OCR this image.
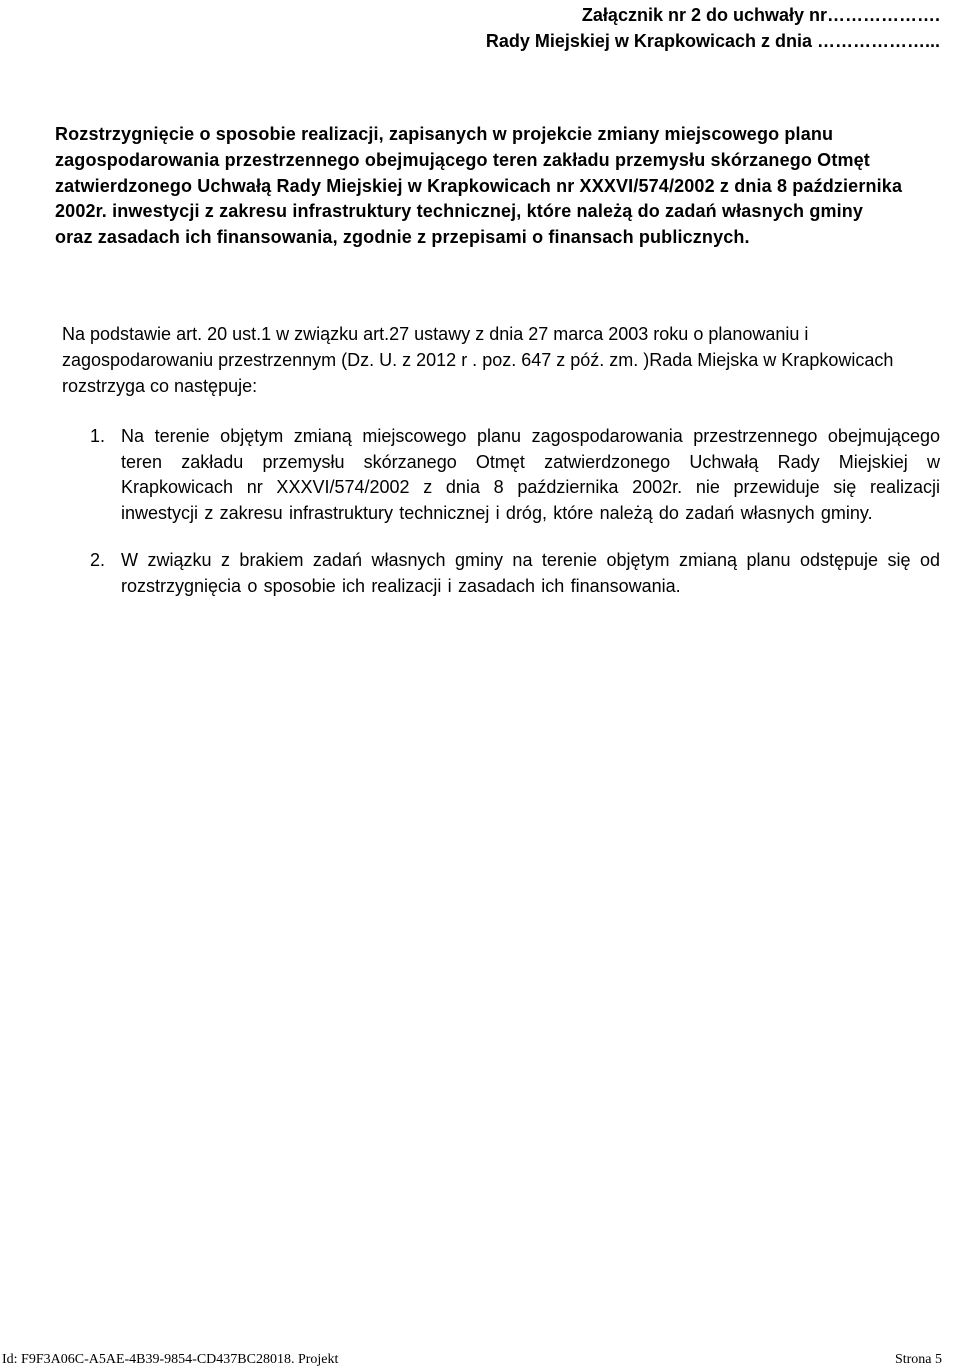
Załącznik nr 2 do uchwały nr……………….
Rady Miejskiej w Krapkowicach z dnia ………………...
Rozstrzygnięcie o sposobie realizacji, zapisanych w projekcie zmiany miejscowego planu zagospodarowania przestrzennego obejmującego teren zakładu przemysłu skórzanego Otmęt zatwierdzonego Uchwałą Rady Miejskiej w Krapkowicach nr XXXVI/574/2002 z dnia 8 października 2002r. inwestycji z zakresu infrastruktury technicznej, które należą do zadań własnych gminy oraz zasadach ich finansowania, zgodnie z przepisami o finansach publicznych.
Na podstawie art. 20 ust.1 w związku art.27 ustawy z dnia 27 marca 2003 roku o planowaniu i zagospodarowaniu przestrzennym (Dz. U. z 2012 r . poz. 647 z póź. zm. )Rada Miejska w Krapkowicach rozstrzyga co następuje:
1. Na terenie objętym zmianą miejscowego planu zagospodarowania przestrzennego obejmującego teren zakładu przemysłu skórzanego Otmęt zatwierdzonego Uchwałą Rady Miejskiej w Krapkowicach nr XXXVI/574/2002 z dnia 8 października 2002r. nie przewiduje się realizacji inwestycji z zakresu infrastruktury technicznej i dróg, które należą do zadań własnych gminy.
2. W związku z brakiem zadań własnych gminy na terenie objętym zmianą planu odstępuje się od rozstrzygnięcia o sposobie ich realizacji i zasadach ich finansowania.
Id: F9F3A06C-A5AE-4B39-9854-CD437BC28018. Projekt	Strona 5
